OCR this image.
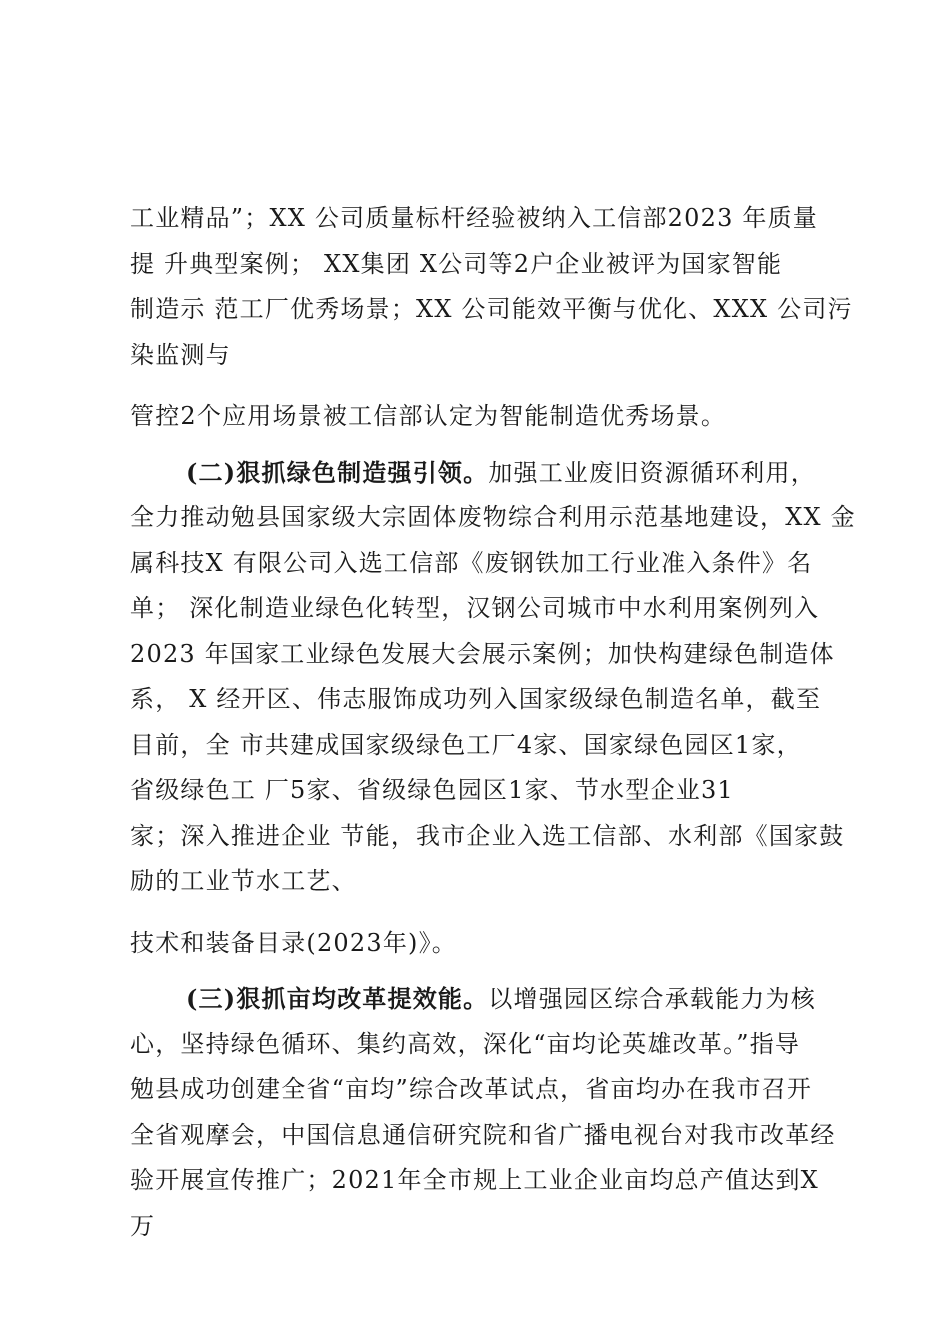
工业精品”；XX 公司质量标杆经验被纳入工信部2023 年质量
提 升典型案例； XX集团 X公司等2户企业被评为国家智能
制造示 范工厂优秀场景；XX 公司能效平衡与优化、XXX 公司污
染监测与
管控2个应用场景被工信部认定为智能制造优秀场景。
(二)狠抓绿色制造强引领。加强工业废旧资源循环利用，
全力推动勉县国家级大宗固体废物综合利用示范基地建设，XX 金
属科技X 有限公司入选工信部《废钢铁加工行业准入条件》名
单； 深化制造业绿色化转型，汉钢公司城市中水利用案例列入
2023 年国家工业绿色发展大会展示案例；加快构建绿色制造体
系， X 经开区、伟志服饰成功列入国家级绿色制造名单，截至
目前，全 市共建成国家级绿色工厂4家、国家绿色园区1家，
省级绿色工 厂5家、省级绿色园区1家、节水型企业31
家；深入推进企业 节能，我市企业入选工信部、水利部《国家鼓
励的工业节水工艺、
技术和装备目录(2023年)》。
(三)狠抓亩均改革提效能。以增强园区综合承载能力为核
心，坚持绿色循环、集约高效，深化“亩均论英雄改革。”指导
勉县成功创建全省“亩均”综合改革试点，省亩均办在我市召开
全省观摩会，中国信息通信研究院和省广播电视台对我市改革经
验开展宣传推广；2021年全市规上工业企业亩均总产值达到X
万
